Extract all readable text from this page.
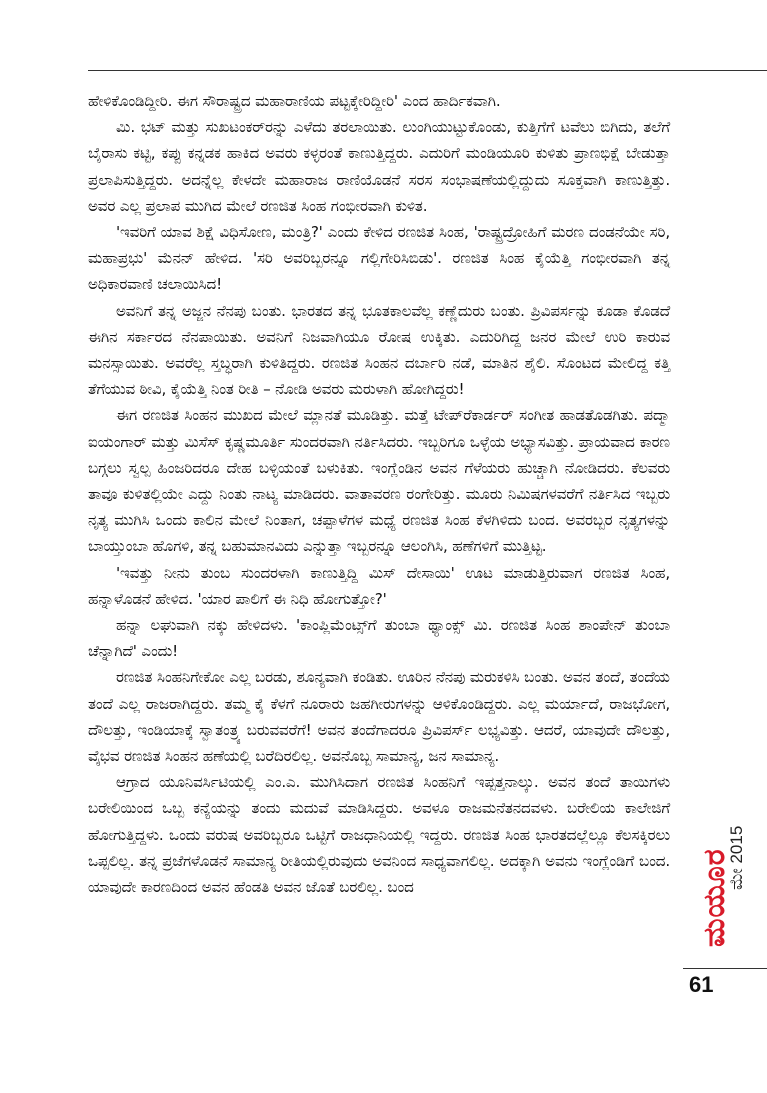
ಹೇಳಿಕೊಂಡಿದ್ದೀರಿ. ಈಗ ಸೌರಾಷ್ಟ್ರದ ಮಹಾರಾಣಿಯ ಪಟ್ಟಕ್ಕೇರಿದ್ದೀರಿ' ಎಂದ ಹಾರ್ದಿಕವಾಗಿ.

ಮಿ. ಭಟ್ ಮತ್ತು ಸುಖಟಂಕರ್‌ರನ್ನು ಎಳೆದು ತರಲಾಯಿತು. ಲುಂಗಿಯುಟ್ಟುಕೊಂಡು, ಕುತ್ತಿಗೆಗೆ ಟವೆಲು ಬಿಗಿದು, ತಲೆಗೆ ಬೈರಾಸು ಕಟ್ಟಿ, ಕಪ್ಪು ಕನ್ನಡಕ ಹಾಕಿದ ಅವರು ಕಳ್ಳರಂತೆ ಕಾಣುತ್ತಿದ್ದರು. ಎದುರಿಗೆ ಮಂಡಿಯೂರಿ ಕುಳಿತು ಪ್ರಾಣಭಿಕ್ಷೆ ಬೇಡುತ್ತಾ ಪ್ರಲಾಪಿಸುತ್ತಿದ್ದರು. ಅದನ್ನೆಲ್ಲ ಕೇಳದೇ ಮಹಾರಾಜ ರಾಣಿಯೊಡನೆ ಸರಸ ಸಂಭಾಷಣೆಯಲ್ಲಿದ್ದುದು ಸೂಕ್ತವಾಗಿ ಕಾಣುತ್ತಿತ್ತು. ಅವರ ಎಲ್ಲ ಪ್ರಲಾಪ ಮುಗಿದ ಮೇಲೆ ರಣಜಿತ ಸಿಂಹ ಗಂಭೀರವಾಗಿ ಕುಳಿತ.

'ಇವರಿಗೆ ಯಾವ ಶಿಕ್ಷೆ ವಿಧಿಸೋಣ, ಮಂತ್ರಿ?' ಎಂದು ಕೇಳಿದ ರಣಜಿತ ಸಿಂಹ, 'ರಾಷ್ಟ್ರದ್ರೋಹಿಗೆ ಮರಣ ದಂಡನೆಯೇ ಸರಿ, ಮಹಾಪ್ರಭು' ಮೆನನ್ ಹೇಳಿದ. 'ಸರಿ ಅವರಿಬ್ಬರನ್ನೂ ಗಲ್ಲಿಗೇರಿಸಿಬಿಡು'. ರಣಜಿತ ಸಿಂಹ ಕೈಯೆತ್ತಿ ಗಂಭೀರವಾಗಿ ತನ್ನ ಅಧಿಕಾರವಾಣಿ ಚಲಾಯಿಸಿದ!

ಅವನಿಗೆ ತನ್ನ ಅಜ್ಜನ ನೆನಪು ಬಂತು. ಭಾರತದ ತನ್ನ ಭೂತಕಾಲವೆಲ್ಲ ಕಣ್ಣೆದುರು ಬಂತು. ಪ್ರಿವಿಪರ್ಸನ್ನು ಕೂಡಾ ಕೊಡದೆ ಈಗಿನ ಸರ್ಕಾರದ ನೆನಪಾಯಿತು. ಅವನಿಗೆ ನಿಜವಾಗಿಯೂ ರೋಷ ಉಕ್ಕಿತು. ಎದುರಿಗಿದ್ದ ಜನರ ಮೇಲೆ ಉರಿ ಕಾರುವ ಮನಸ್ಸಾಯಿತು. ಅವರೆಲ್ಲ ಸ್ತಬ್ಧರಾಗಿ ಕುಳಿತಿದ್ದರು. ರಣಜಿತ ಸಿಂಹನ ದರ್ಬಾರಿ ನಡೆ, ಮಾತಿನ ಶೈಲಿ. ಸೊಂಟದ ಮೇಲಿದ್ದ ಕತ್ತಿ ತೆಗೆಯುವ ಠೀವಿ, ಕೈಯೆತ್ತಿ ನಿಂತ ರೀತಿ – ನೋಡಿ ಅವರು ಮರುಳಾಗಿ ಹೋಗಿದ್ದರು!

ಈಗ ರಣಜಿತ ಸಿಂಹನ ಮುಖದ ಮೇಲೆ ಮ್ಲಾನತೆ ಮೂಡಿತ್ತು. ಮತ್ತೆ ಟೇಪ್‌ರೆಕಾರ್ಡರ್ ಸಂಗೀತ ಹಾಡತೊಡಗಿತು. ಪದ್ಮಾ ಐಯಂಗಾರ್ ಮತ್ತು ಮಿಸೆಸ್ ಕೃಷ್ಣಮೂರ್ತಿ ಸುಂದರವಾಗಿ ನರ್ತಿಸಿದರು. ಇಬ್ಬರಿಗೂ ಒಳ್ಳೆಯ ಅಭ್ಯಾಸವಿತ್ತು. ಪ್ರಾಯವಾದ ಕಾರಣ ಬಗ್ಗಲು ಸ್ವಲ್ಪ ಹಿಂಜರಿದರೂ ದೇಹ ಬಳ್ಳಿಯಂತೆ ಬಳುಕಿತು. ಇಂಗ್ಲೆಂಡಿನ ಅವನ ಗೆಳೆಯರು ಹುಚ್ಚಾಗಿ ನೋಡಿದರು. ಕೆಲವರು ತಾವೂ ಕುಳಿತಲ್ಲಿಯೇ ಎದ್ದು ನಿಂತು ನಾಟ್ಯ ಮಾಡಿದರು. ವಾತಾವರಣ ರಂಗೇರಿತ್ತು. ಮೂರು ನಿಮಿಷಗಳವರೆಗೆ ನರ್ತಿಸಿದ ಇಬ್ಬರು ನೃತ್ಯ ಮುಗಿಸಿ ಒಂದು ಕಾಲಿನ ಮೇಲೆ ನಿಂತಾಗ, ಚಪ್ಪಾಳೆಗಳ ಮಧ್ಯೆ ರಣಜಿತ ಸಿಂಹ ಕೆಳಗಿಳಿದು ಬಂದ. ಅವರಬ್ಬರ ನೃತ್ಯಗಳನ್ನು ಬಾಯ್ತುಂಬಾ ಹೊಗಳಿ, ತನ್ನ ಬಹುಮಾನವಿದು ಎನ್ನುತ್ತಾ ಇಬ್ಬರನ್ನೂ ಆಲಂಗಿಸಿ, ಹಣೆಗಳಿಗೆ ಮುತ್ತಿಟ್ಟ.

'ಇವತ್ತು ನೀನು ತುಂಬ ಸುಂದರಳಾಗಿ ಕಾಣುತ್ತಿದ್ದಿ ಮಿಸ್ ದೇಸಾಯಿ' ಊಟ ಮಾಡುತ್ತಿರುವಾಗ ರಣಜಿತ ಸಿಂಹ, ಹನ್ನಾಳೊಡನೆ ಹೇಳಿದ. 'ಯಾರ ಪಾಲಿಗೆ ಈ ನಿಧಿ ಹೋಗುತ್ತೋ?'

ಹನ್ನಾ ಲಘುವಾಗಿ ನಕ್ಕು ಹೇಳಿದಳು. 'ಕಾಂಪ್ಲಿಮೆಂಟ್ಸ್‌ಗೆ ತುಂಬಾ ಥ್ಯಾಂಕ್ಸ್ ಮಿ. ರಣಜಿತ ಸಿಂಹ ಶಾಂಪೇನ್ ತುಂಬಾ ಚೆನ್ನಾಗಿದೆ' ಎಂದು!

ರಣಜಿತ ಸಿಂಹನಿಗೇಕೋ ಎಲ್ಲ ಬರಡು, ಶೂನ್ಯವಾಗಿ ಕಂಡಿತು. ಊರಿನ ನೆನಪು ಮರುಕಳಿಸಿ ಬಂತು. ಅವನ ತಂದೆ, ತಂದೆಯ ತಂದೆ ಎಲ್ಲ ರಾಜರಾಗಿದ್ದರು. ತಮ್ಮ ಕೈ ಕೆಳಗೆ ನೂರಾರು ಜಹಗೀರುಗಳನ್ನು ಆಳಿಕೊಂಡಿದ್ದರು. ಎಲ್ಲ ಮರ್ಯಾದೆ, ರಾಜಭೋಗ, ದೌಲತ್ತು, ಇಂಡಿಯಾಕ್ಕೆ ಸ್ವಾತಂತ್ರ್ಯ ಬರುವವರೆಗೆ! ಅವನ ತಂದೆಗಾದರೂ ಪ್ರಿವಿಪರ್ಸ್ ಲಭ್ಯವಿತ್ತು. ಆದರೆ, ಯಾವುದೇ ದೌಲತ್ತು, ವೈಭವ ರಣಜಿತ ಸಿಂಹನ ಹಣೆಯಲ್ಲಿ ಬರೆದಿರಲಿಲ್ಲ. ಅವನೊಬ್ಬ ಸಾಮಾನ್ಯ, ಜನ ಸಾಮಾನ್ಯ.

ಆಗ್ರಾದ ಯೂನಿವರ್ಸಿಟಿಯಲ್ಲಿ ಎಂ.ಎ. ಮುಗಿಸಿದಾಗ ರಣಜಿತ ಸಿಂಹನಿಗೆ ಇಪ್ಪತ್ತನಾಲ್ಕು. ಅವನ ತಂದೆ ತಾಯಿಗಳು ಬರೇಲಿಯಿಂದ ಒಬ್ಬ ಕನ್ಯೆಯನ್ನು ತಂದು ಮದುವೆ ಮಾಡಿಸಿದ್ದರು. ಅವಳೂ ರಾಜಮನೆತನದವಳು. ಬರೇಲಿಯ ಕಾಲೇಜಿಗೆ ಹೋಗುತ್ತಿದ್ದಳು. ಒಂದು ವರುಷ ಅವರಿಬ್ಬರೂ ಒಟ್ಟಿಗೆ ರಾಜಧಾನಿಯಲ್ಲಿ ಇದ್ದರು. ರಣಜಿತ ಸಿಂಹ ಭಾರತದಲ್ಲೆಲ್ಲೂ ಕೆಲಸಕ್ಕಿರಲು ಒಪ್ಪಲಿಲ್ಲ. ತನ್ನ ಪ್ರಜೆಗಳೊಡನೆ ಸಾಮಾನ್ಯ ರೀತಿಯಲ್ಲಿರುವುದು ಅವನಿಂದ ಸಾಧ್ಯವಾಗಲಿಲ್ಲ. ಅದಕ್ಕಾಗಿ ಅವನು ಇಂಗ್ಲೆಂಡಿಗೆ ಬಂದ. ಯಾವುದೇ ಕಾರಣದಿಂದ ಅವನ ಹೆಂಡತಿ ಅವನ ಜೊತೆ ಬರಲಿಲ್ಲ. ಬಂದ	ಮಯೂರ
ಮೇ 2015
61
